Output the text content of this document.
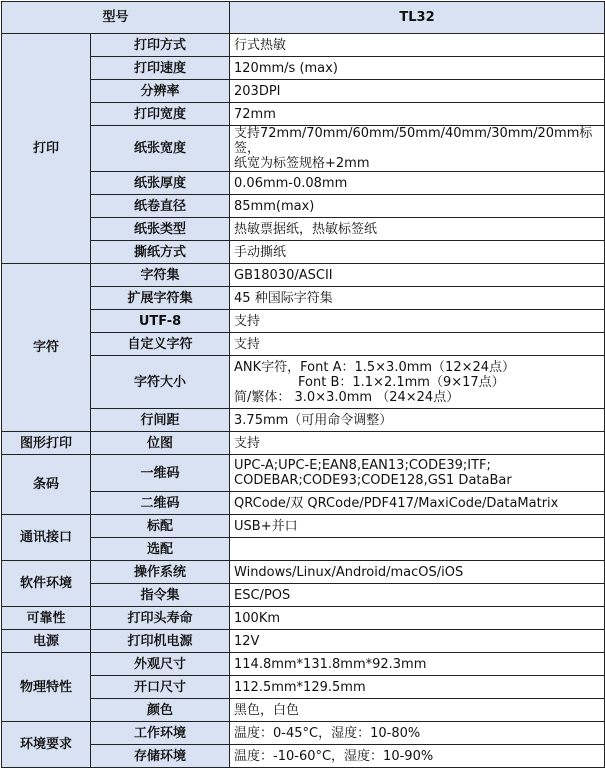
型号		TL32
打印	打印方式	行式热敏
	打印速度	120mm/s (max)
	分辨率	203DPI
	打印宽度	72mm
	纸张宽度	支持72mm/70mm/60mm/50mm/40mm/30mm/20mm标签，
纸宽为标签规格+2mm

	纸张厚度	0.06mm-0.08mm
	纸卷直径	85mm(max)
	纸张类型	热敏票据纸，热敏标签纸
	撕纸方式	手动撕纸
字符	字符集	GB18030/ASCII
	扩展字符集	45 种国际字符集
	UTF-8	支持
	自定义字符	支持
	字符大小	ANK字符，Font A：1.5×3.0mm（12×24点）
Font B：1.1×2.1mm（9×17点）
简/繁体： 3.0×3.0mm （24×24点）

	行间距	3.75mm（可用命令调整）
图形打印	位图	支持
条码	一维码	UPC-A;UPC-E;EAN8,EAN13;CODE39;ITF;
CODEBAR;CODE93;CODE128,GS1 DataBar

	二维码	QRCode/双 QRCode/PDF417/MaxiCode/DataMatrix
通讯接口	标配	USB+并口
	选配	
软件环境	操作系统	Windows/Linux/Android/macOS/iOS
	指令集	ESC/POS
可靠性	打印头寿命	100Km
电源	打印机电源	12V
物理特性	外观尺寸	114.8mm*131.8mm*92.3mm
	开口尺寸	112.5mm*129.5mm
	颜色	黑色，白色
环境要求	工作环境	温度：0-45°C，湿度：10-80%
	存储环境	温度：-10-60°C，湿度：10-90%
